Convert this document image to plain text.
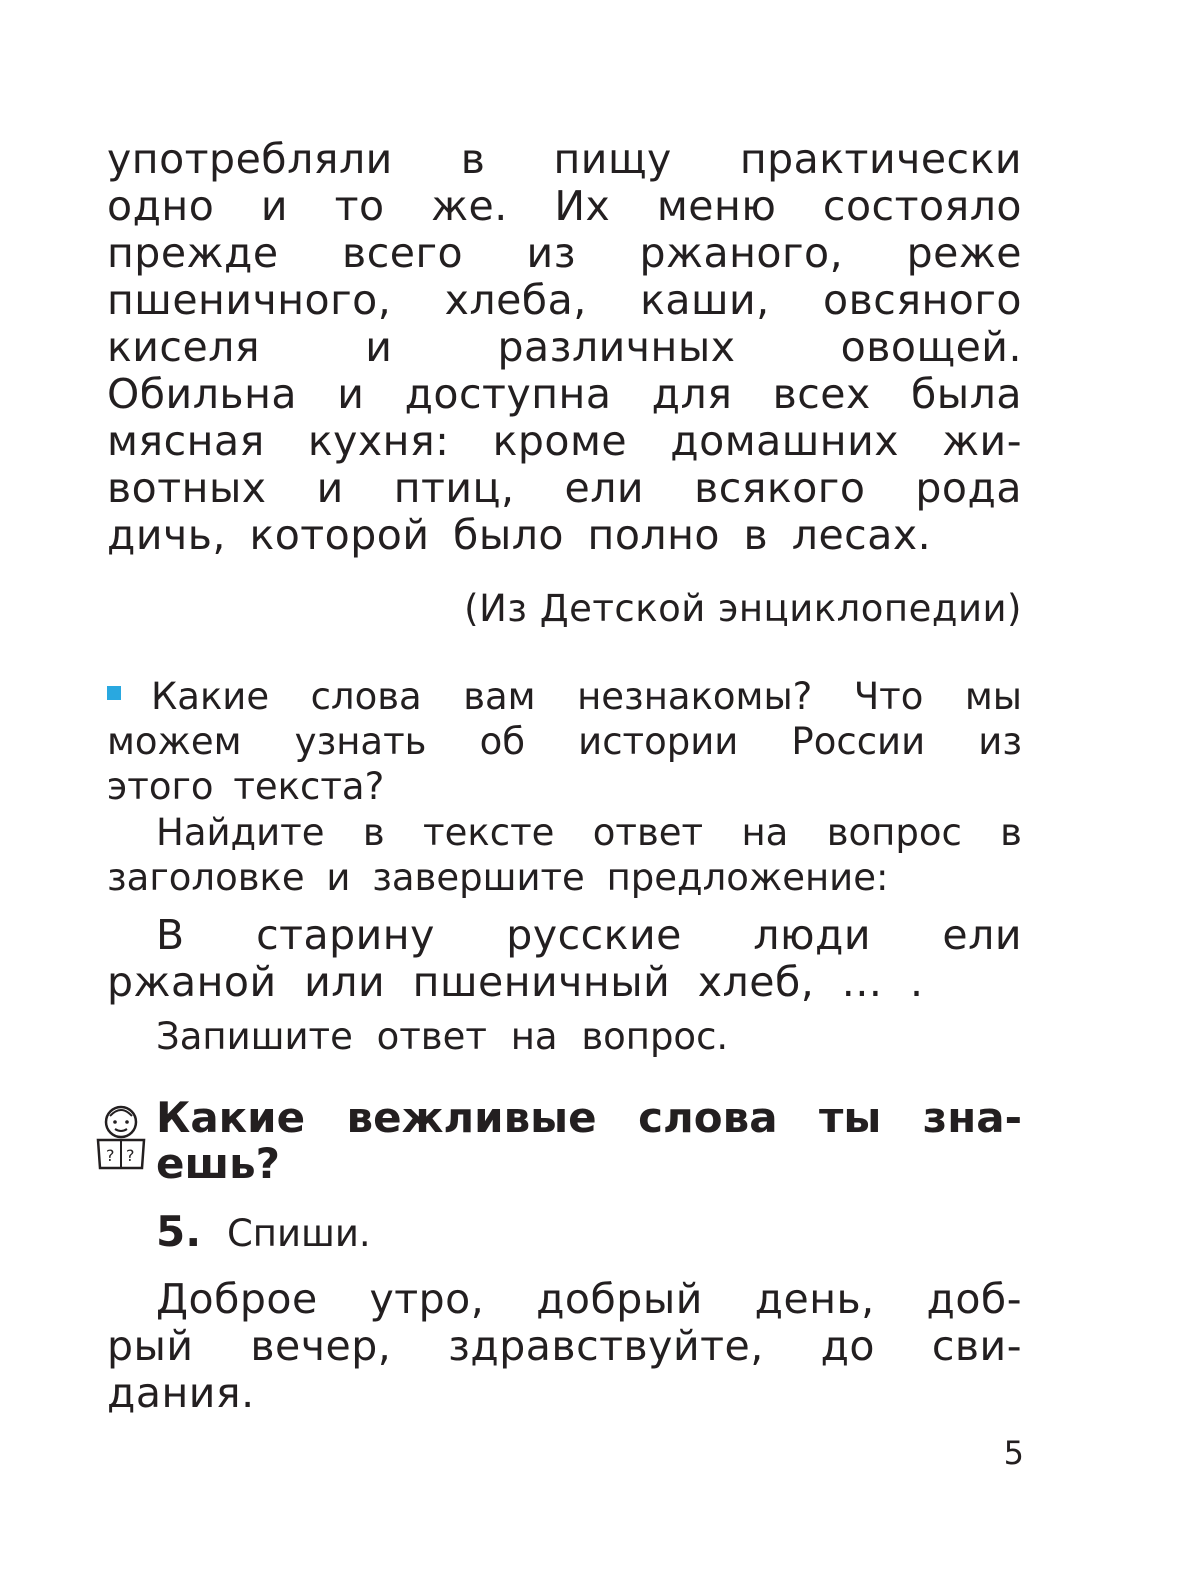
употребляли в пищу практически
одно и то же. Их меню состояло
прежде всего из ржаного, реже
пшеничного, хлеба, каши, овсяного
киселя и различных овощей.
Обильна и доступна для всех была
мясная кухня: кроме домашних жи-
вотных и птиц, ели всякого рода
дичь, которой было полно в лесах.
(Из Детской энциклопедии)
Какие слова вам незнакомы? Что мы
можем узнать об истории России из
этого текста?
Найдите в тексте ответ на вопрос в
заголовке и завершите предложение:
В старину русские люди ели
ржаной или пшеничный хлеб, ... .
Запишите ответ на вопрос.
? ?
Какие вежливые слова ты зна-
ешь?
5. Спиши.
Доброе утро, добрый день, доб-
рый вечер, здравствуйте, до сви-
дания.
5
